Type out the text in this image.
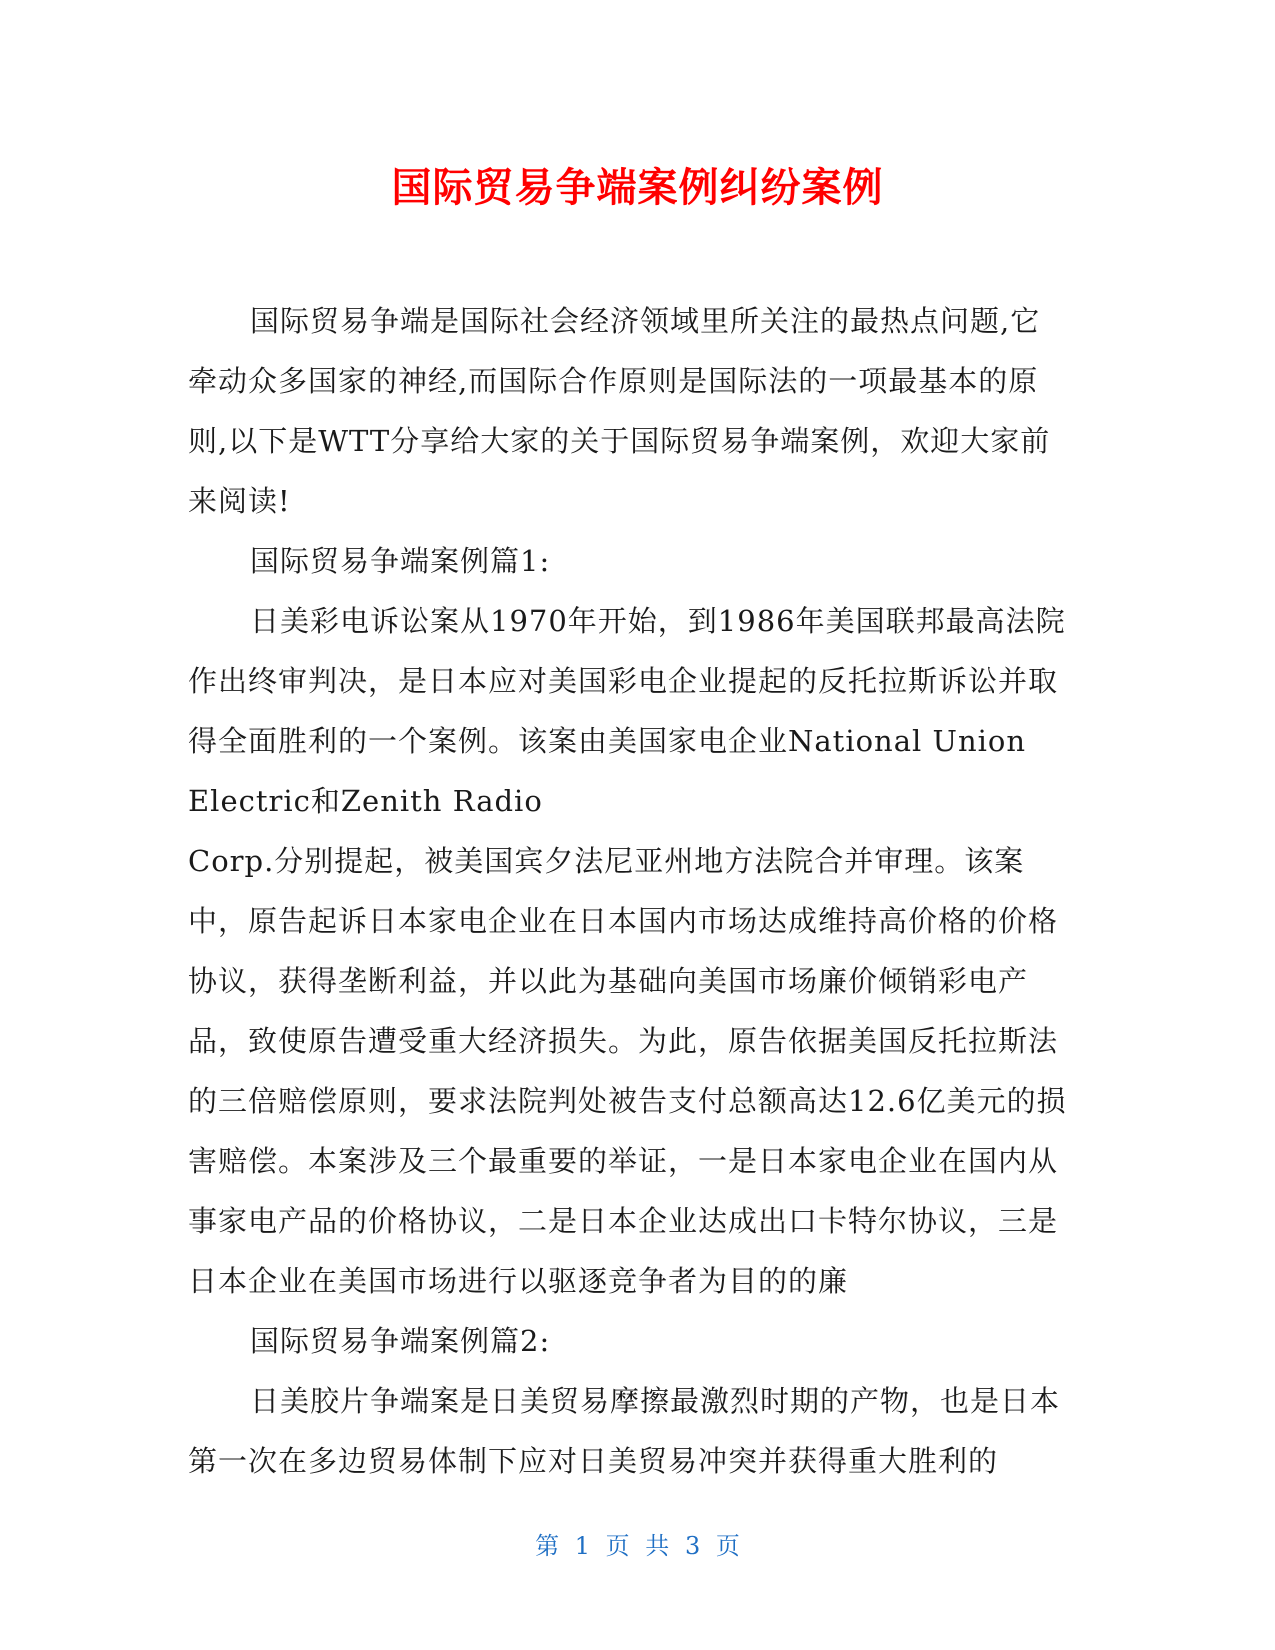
国际贸易争端案例纠纷案例

国际贸易争端是国际社会经济领域里所关注的最热点问题,它牵动众多国家的神经,而国际合作原则是国际法的一项最基本的原则,以下是WTT分享给大家的关于国际贸易争端案例，欢迎大家前来阅读!

国际贸易争端案例篇1:

日美彩电诉讼案从1970年开始，到1986年美国联邦最高法院作出终审判决，是日本应对美国彩电企业提起的反托拉斯诉讼并取得全面胜利的一个案例。该案由美国家电企业National Union Electric和Zenith Radio

Corp.分别提起，被美国宾夕法尼亚州地方法院合并审理。该案中，原告起诉日本家电企业在日本国内市场达成维持高价格的价格协议，获得垄断利益，并以此为基础向美国市场廉价倾销彩电产品，致使原告遭受重大经济损失。为此，原告依据美国反托拉斯法的三倍赔偿原则，要求法院判处被告支付总额高达12.6亿美元的损害赔偿。本案涉及三个最重要的举证，一是日本家电企业在国内从事家电产品的价格协议，二是日本企业达成出口卡特尔协议，三是日本企业在美国市场进行以驱逐竞争者为目的的廉

国际贸易争端案例篇2:

日美胶片争端案是日美贸易摩擦最激烈时期的产物，也是日本第一次在多边贸易体制下应对日美贸易冲突并获得重大胜利的

第 1 页 共 3 页
